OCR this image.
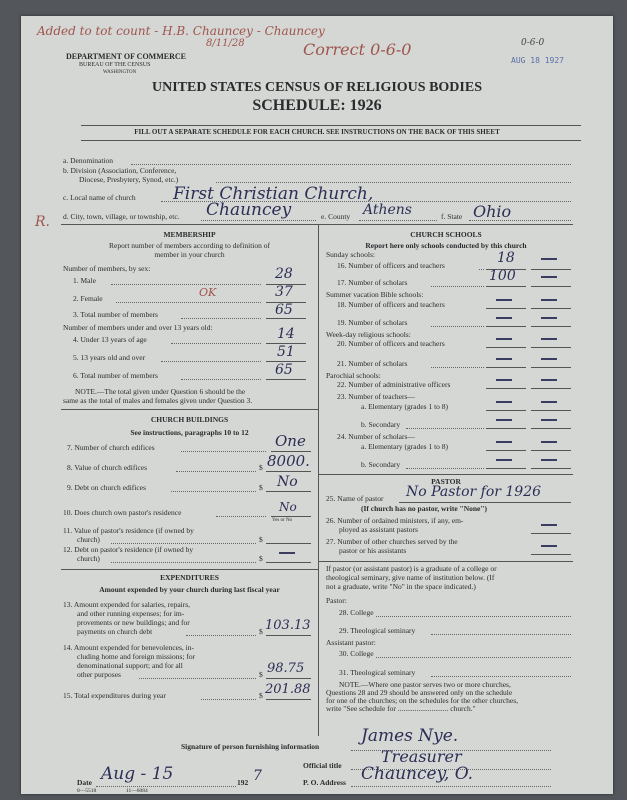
Added to tot count - H.B. Chauncey - Chauncey
8/11/28
DEPARTMENT OF COMMERCE
BUREAU OF THE CENSUS
WASHINGTON
Correct 0-6-0	0-6-0
AUG 18 1927
UNITED STATES CENSUS OF RELIGIOUS BODIES
SCHEDULE: 1926
FILL OUT A SEPARATE SCHEDULE FOR EACH CHURCH. SEE INSTRUCTIONS ON THE BACK OF THIS SHEET
a. Denomination
b. Division (Association, Conference,
Diocese, Presbytery, Synod, etc.)
c. Local name of church First Christian Church,
R. d. City, town, village, or township, etc. Chauncey	e. County Athens	f. State Ohio
MEMBERSHIP
Report number of members according to definition of
member in your church
Number of members, by sex:
1. Male	28
2. Female	OK	37
3. Total number of members	65
Number of members under and over 13 years old:
4. Under 13 years of age	14
5. 13 years old and over	51
6. Total number of members	65
NOTE.—The total given under Question 6 should be the
same as the total of males and females given under Question 3.
CHURCH BUILDINGS
See instructions, paragraphs 10 to 12
7. Number of church edifices	One
8. Value of church edifices	$ 8000.
9. Debt on church edifices	$ No
10. Does church own pastor's residence	No
Yes or No
11. Value of pastor's residence (if owned by
church)	$
12. Debt on pastor's residence (if owned by
church)	$
EXPENDITURES
Amount expended by your church during last fiscal year
13. Amount expended for salaries, repairs,
and other running expenses; for im-
provements or new buildings; and for
payments on church debt	$ 103.13
14. Amount expended for benevolences, in-
cluding home and foreign missions; for
denominational support; and for all
other purposes	$ 98.75
15. Total expenditures during year	$ 201.88
CHURCH SCHOOLS
Report here only schools conducted by this church
Sunday schools:
16. Number of officers and teachers	18
17. Number of scholars	100
Summer vacation Bible schools:
18. Number of officers and teachers
19. Number of scholars
Week-day religious schools:
20. Number of officers and teachers
21. Number of scholars
Parochial schools:
22. Number of administrative officers
23. Number of teachers—
a. Elementary (grades 1 to 8)
b. Secondary
24. Number of scholars—
a. Elementary (grades 1 to 8)
b. Secondary
PASTOR
25. Name of pastor No Pastor for 1926
(If church has no pastor, write "None")
26. Number of ordained ministers, if any, em-
ployed as assistant pastors
27. Number of other churches served by the
pastor or his assistants
If pastor (or assistant pastor) is a graduate of a college or
theological seminary, give name of institution below. (If
not a graduate, write "No" in the space indicated.)
Pastor:
28. College
29. Theological seminary
Assistant pastor:
30. College
31. Theological seminary
NOTE.—Where one pastor serves two or more churches,
Questions 28 and 29 should be answered only on the schedule
for one of the churches; on the schedules for the other churches,
write "See schedule for ........................... church."
Signature of person furnishing information
James Nye.
Official title Treasurer
P. O. Address Chauncey, O.
Date Aug - 15	192 7
8—5518	11—6084
